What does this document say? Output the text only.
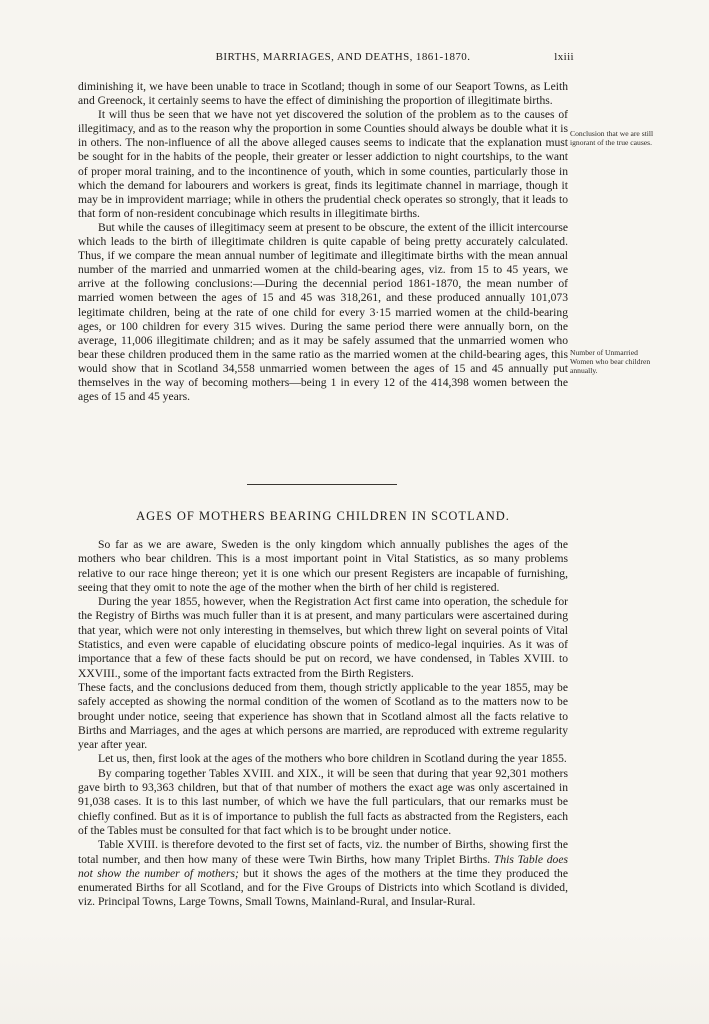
BIRTHS, MARRIAGES, AND DEATHS, 1861-1870.	lxiii

diminishing it, we have been unable to trace in Scotland; though in some of our Seaport Towns, as Leith and Greenock, it certainly seems to have the effect of diminishing the proportion of illegitimate births.

It will thus be seen that we have not yet discovered the solution of the problem as to the causes of illegitimacy, and as to the reason why the proportion in some Counties should always be double what it is in others. The non-influence of all the above alleged causes seems to indicate that the explanation must be sought for in the habits of the people, their greater or lesser addiction to night courtships, to the want of proper moral training, and to the incontinence of youth, which in some counties, particularly those in which the demand for labourers and workers is great, finds its legitimate channel in marriage, though it may be in improvident marriage; while in others the prudential check operates so strongly, that it leads to that form of non-resident concubinage which results in illegitimate births.

But while the causes of illegitimacy seem at present to be obscure, the extent of the illicit intercourse which leads to the birth of illegitimate children is quite capable of being pretty accurately calculated. Thus, if we compare the mean annual number of legitimate and illegitimate births with the mean annual number of the married and unmarried women at the child-bearing ages, viz. from 15 to 45 years, we arrive at the following conclusions:—During the decennial period 1861-1870, the mean number of married women between the ages of 15 and 45 was 318,261, and these produced annually 101,073 legitimate children, being at the rate of one child for every 3·15 married women at the child-bearing ages, or 100 children for every 315 wives. During the same period there were annually born, on the average, 11,006 illegitimate children; and as it may be safely assumed that the unmarried women who bear these children produced them in the same ratio as the married women at the child-bearing ages, this would show that in Scotland 34,558 unmarried women between the ages of 15 and 45 annually put themselves in the way of becoming mothers—being 1 in every 12 of the 414,398 women between the ages of 15 and 45 years.

Conclusion that we are still ignorant of the true causes.
Number of Unmarried Women who bear children annually.
AGES OF MOTHERS BEARING CHILDREN IN SCOTLAND.

So far as we are aware, Sweden is the only kingdom which annually publishes the ages of the mothers who bear children. This is a most important point in Vital Statistics, as so many problems relative to our race hinge thereon; yet it is one which our present Registers are incapable of furnishing, seeing that they omit to note the age of the mother when the birth of her child is registered.

During the year 1855, however, when the Registration Act first came into operation, the schedule for the Registry of Births was much fuller than it is at present, and many particulars were ascertained during that year, which were not only interesting in themselves, but which threw light on several points of Vital Statistics, and even were capable of elucidating obscure points of medico-legal inquiries. As it was of importance that a few of these facts should be put on record, we have condensed, in Tables XVIII. to XXVIII., some of the important facts extracted from the Birth Registers.

These facts, and the conclusions deduced from them, though strictly applicable to the year 1855, may be safely accepted as showing the normal condition of the women of Scotland as to the matters now to be brought under notice, seeing that experience has shown that in Scotland almost all the facts relative to Births and Marriages, and the ages at which persons are married, are reproduced with extreme regularity year after year.

Let us, then, first look at the ages of the mothers who bore children in Scotland during the year 1855.

By comparing together Tables XVIII. and XIX., it will be seen that during that year 92,301 mothers gave birth to 93,363 children, but that of that number of mothers the exact age was only ascertained in 91,038 cases. It is to this last number, of which we have the full particulars, that our remarks must be chiefly confined. But as it is of importance to publish the full facts as abstracted from the Registers, each of the Tables must be consulted for that fact which is to be brought under notice.

Table XVIII. is therefore devoted to the first set of facts, viz. the number of Births, showing first the total number, and then how many of these were Twin Births, how many Triplet Births. This Table does not show the number of mothers; but it shows the ages of the mothers at the time they produced the enumerated Births for all Scotland, and for the Five Groups of Districts into which Scotland is divided, viz. Principal Towns, Large Towns, Small Towns, Mainland-Rural, and Insular-Rural.
